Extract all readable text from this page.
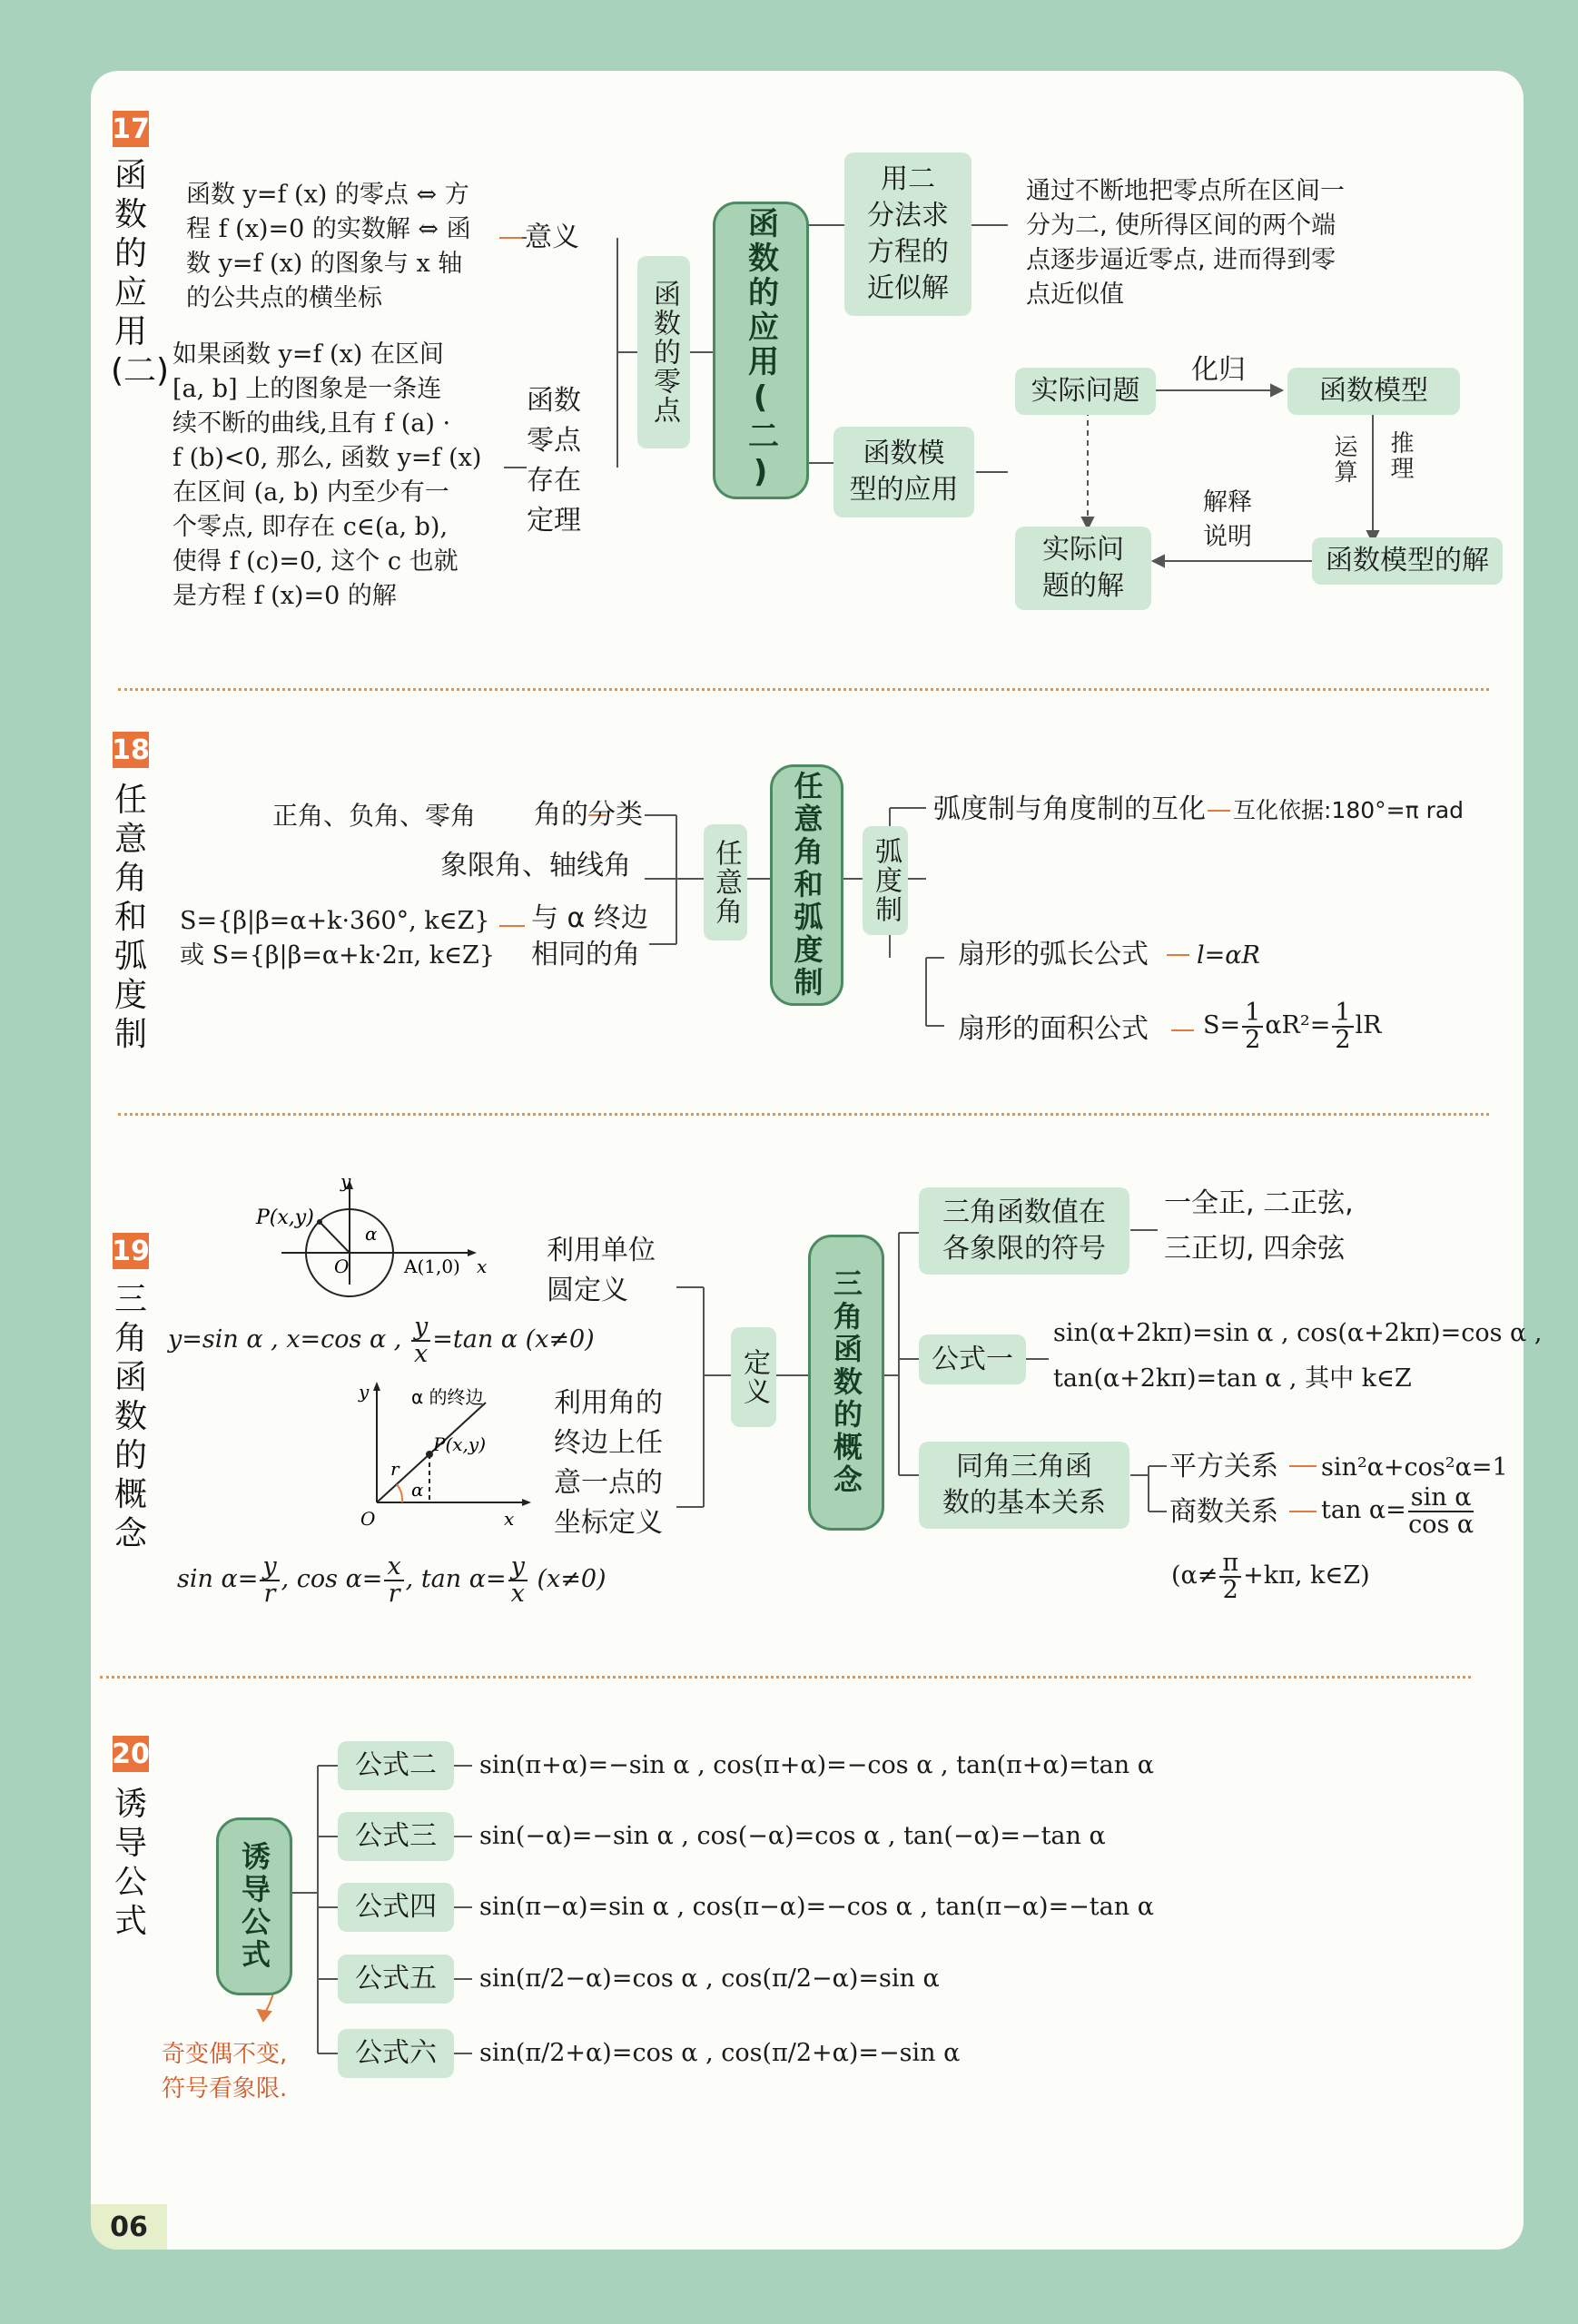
17
函数的应用(二)
函数 y=f (x) 的零点 ⇔ 方
程 f (x)=0 的实数解 ⇔ 函
数 y=f (x) 的图象与 x 轴
的公共点的横坐标
意义
如果函数 y=f (x) 在区间
[a, b] 上的图象是一条连
续不断的曲线,且有 f (a) ·
f (b)<0, 那么, 函数 y=f (x)
在区间 (a, b) 内至少有一
个零点, 即存在 c∈(a, b),
使得 f (c)=0, 这个 c 也就
是方程 f (x)=0 的解
函数
零点
存在
定理
函数的零点	函数的应用(二)
用二
分法求
方程的
近似解
通过不断地把零点所在区间一
分为二, 使所得区间的两个端
点逐步逼近零点, 进而得到零
点近似值
函数模
型的应用
实际问题
化归
函数模型
运算 推理
解释
说明
实际问
题的解
函数模型的解
18
任意角和弧度制
正角、负角、零角 角的分类
象限角、轴线角
S={β|β=α+k·360°, k∈Z}
或 S={β|β=α+k·2π, k∈Z}
与 α 终边
相同的角
任意角	任意角和弧度制	弧度制
弧度制与角度制的互化 互化依据:180°=π rad
扇形的弧长公式 l=αR
扇形的面积公式 $S= \frac{1}{2} \alpha R^2= \frac{1}{2}$ lR
19
三角函数的概念
P(x,y)
A(1,0) x
y
O
α
利用单位
圆定义
y=sin α , x=cos α , $\frac{y}{x} =\tan$ α (x≠0)
α 的终边
P(x,y)
y
x
O
r
α
利用角的
终边上任
意一点的
坐标定义
$\sin \alpha= \frac{y}{r}$ , $\cos \alpha= \frac{x}{r}$ , $\tan \alpha= \frac{y}{x} (x\ne 0)$
定义	三角函数的概念
三角函数值在
各象限的符号
一全正, 二正弦,
三正切, 四余弦
公式一
sin(α+2kπ)=sin α , cos(α+2kπ)=cos α ,
tan(α+2kπ)=tan α , 其中 k∈Z
同角三角函
数的基本关系
平方关系 sin²α+cos²α=1
商数关系 $\tan \alpha= \frac{\text{sin α}}{\text{cos α}}$
($\alpha\ne \frac{\pi}{2} +k\pi$, k∈Z)
20
诱导公式	诱导公式
奇变偶不变,
符号看象限.
公式二	sin(π+α)=−sin α , cos(π+α)=−cos α , tan(π+α)=tan α
公式三	sin(−α)=−sin α , cos(−α)=cos α , tan(−α)=−tan α
公式四	sin(π−α)=sin α , cos(π−α)=−cos α , tan(π−α)=−tan α
公式五	sin(π/2−α)=cos α , cos(π/2−α)=sin α
公式六	sin(π/2+α)=cos α , cos(π/2+α)=−sin α
06
